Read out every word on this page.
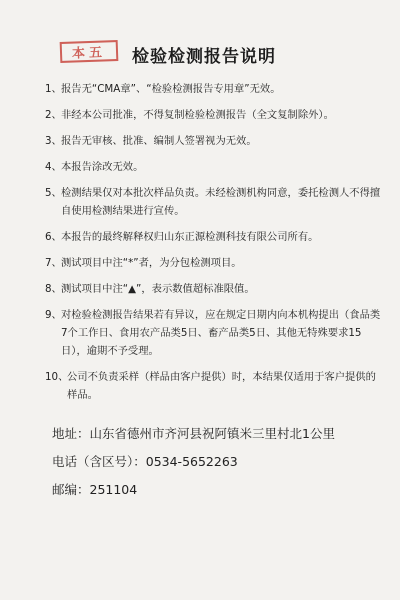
本五	检验检测报告说明
1、 报告无“CMA章”、“检验检测报告专用章”无效。
2、 非经本公司批准，不得复制检验检测报告（全文复制除外）。
3、 报告无审核、批准、编制人签署视为无效。
4、 本报告涂改无效。
5、 检测结果仅对本批次样品负责。未经检测机构同意，委托检测人不得擅自使用检测结果进行宣传。
6、 本报告的最终解释权归山东正源检测科技有限公司所有。
7、 测试项目中注“*”者，为分包检测项目。
8、 测试项目中注“▲”，表示数值超标准限值。
9、 对检验检测报告结果若有异议，应在规定日期内向本机构提出（食品类7个工作日、食用农产品类5日、畜产品类5日、其他无特殊要求15日），逾期不予受理。
10、
公司不负责采样（样品由客户提供）时，本结果仅适用于客户提供的样品。
地址：山东省德州市齐河县祝阿镇米三里村北1公里
电话（含区号）：0534-5652263
邮编：251104
